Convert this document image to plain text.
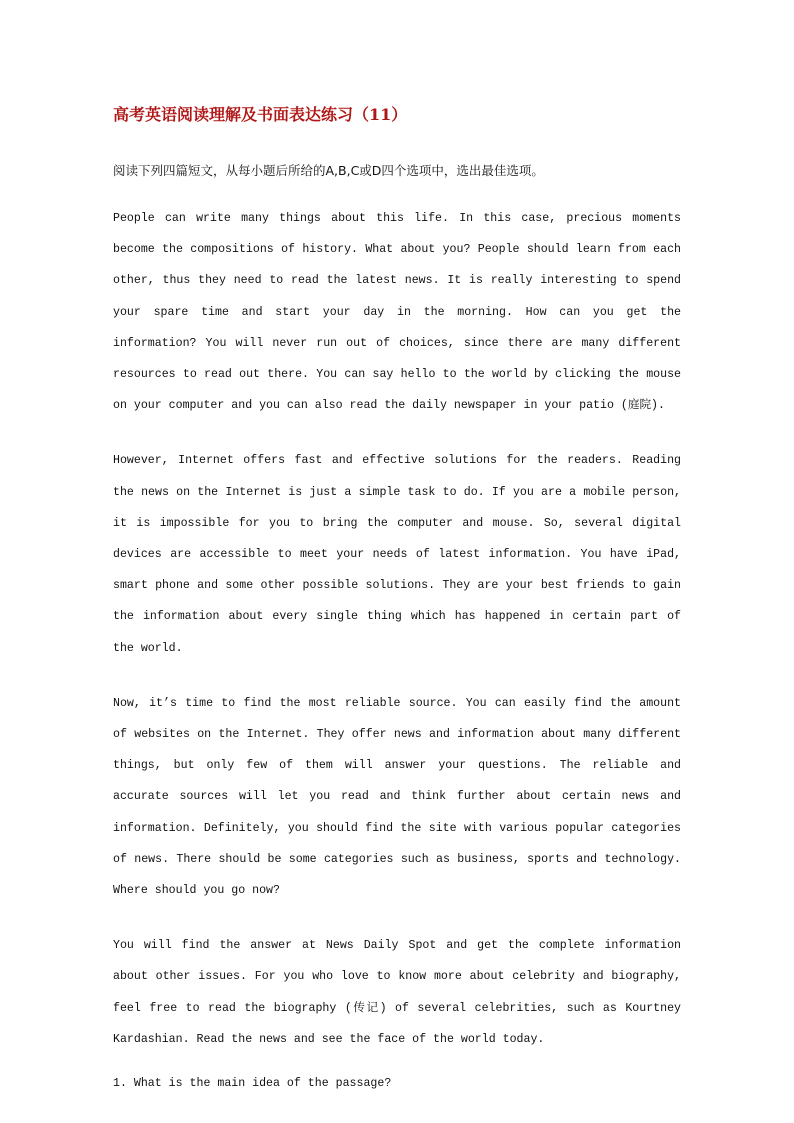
高考英语阅读理解及书面表达练习（11）
阅读下列四篇短文，从每小题后所给的A,B,C或D四个选项中，选出最佳选项。

People can write many things about this life. In this case, precious moments become the compositions of history. What about you? People should learn from each other, thus they need to read the latest news. It is really interesting to spend your spare time and start your day in the morning. How can you get the information? You will never run out of choices, since there are many different resources to read out there. You can say hello to the world by clicking the mouse on your computer and you can also read the daily newspaper in your patio (庭院).

However, Internet offers fast and effective solutions for the readers. Reading the news on the Internet is just a simple task to do. If you are a mobile person, it is impossible for you to bring the computer and mouse. So, several digital devices are accessible to meet your needs of latest information. You have iPad, smart phone and some other possible solutions. They are your best friends to gain the information about every single thing which has happened in certain part of the world.

Now, it’s time to find the most reliable source. You can easily find the amount of websites on the Internet. They offer news and information about many different things, but only few of them will answer your questions. The reliable and accurate sources will let you read and think further about certain news and information. Definitely, you should find the site with various popular categories of news. There should be some categories such as business, sports and technology. Where should you go now?

You will find the answer at News Daily Spot and get the complete information about other issues. For you who love to know more about celebrity and biography, feel free to read the biography (传记) of several celebrities, such as Kourtney Kardashian. Read the news and see the face of the world today.

1. What is the main idea of the passage?
